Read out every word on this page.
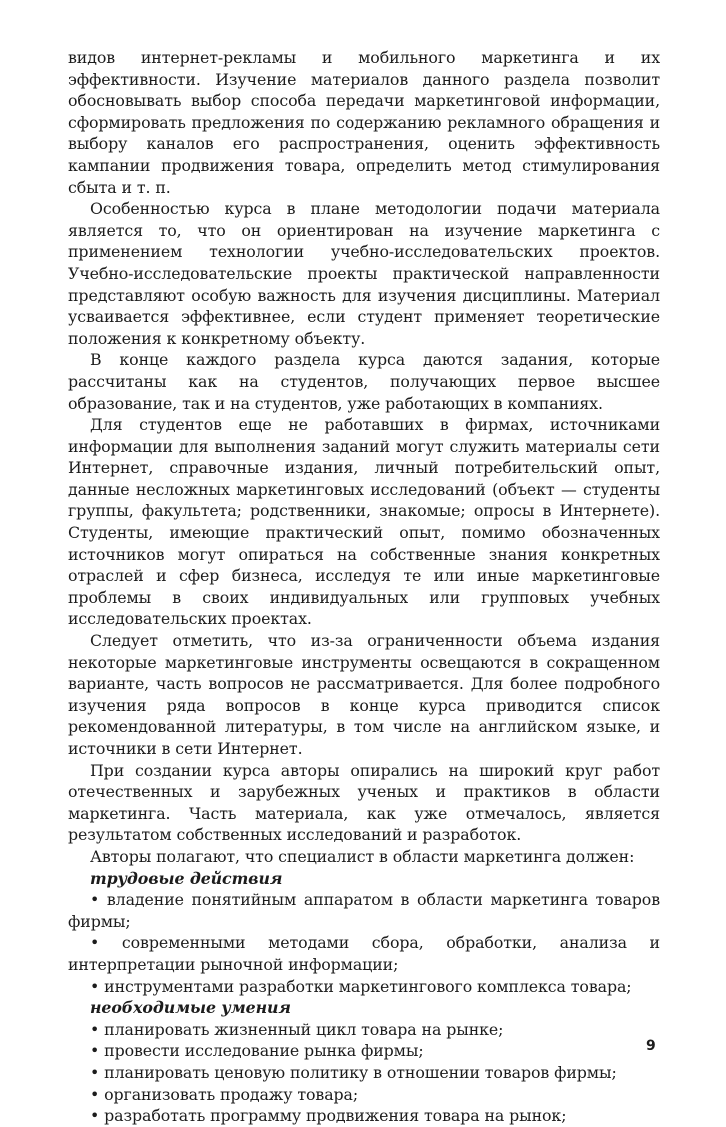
видов интернет-рекламы и мобильного маркетинга и их эффективности. Изучение материалов данного раздела позволит обосновывать выбор способа передачи маркетинговой информации, сформировать предложения по содержанию рекламного обращения и выбору каналов его распространения, оценить эффективность кампании продвижения товара, определить метод стимулирования сбыта и т. п.

Особенностью курса в плане методологии подачи материала является то, что он ориентирован на изучение маркетинга с применением технологии учебно-исследовательских проектов. Учебно-исследовательские проекты практической направленности представляют особую важность для изучения дисциплины. Материал усваивается эффективнее, если студент применяет теоретические положения к конкретному объекту.

В конце каждого раздела курса даются задания, которые рассчитаны как на студентов, получающих первое высшее образование, так и на студентов, уже работающих в компаниях.

Для студентов еще не работавших в фирмах, источниками информации для выполнения заданий могут служить материалы сети Интернет, справочные издания, личный потребительский опыт, данные несложных маркетинговых исследований (объект — студенты группы, факультета; родственники, знакомые; опросы в Интернете). Студенты, имеющие практический опыт, помимо обозначенных источников могут опираться на собственные знания конкретных отраслей и сфер бизнеса, исследуя те или иные маркетинговые проблемы в своих индивидуальных или групповых учебных исследовательских проектах.

Следует отметить, что из-за ограниченности объема издания некоторые маркетинговые инструменты освещаются в сокращенном варианте, часть вопросов не рассматривается. Для более подробного изучения ряда вопросов в конце курса приводится список рекомендованной литературы, в том числе на английском языке, и источники в сети Интернет.

При создании курса авторы опирались на широкий круг работ отечественных и зарубежных ученых и практиков в области маркетинга. Часть материала, как уже отмечалось, является результатом собственных исследований и разработок.

Авторы полагают, что специалист в области маркетинга должен:

трудовые действия

• владение понятийным аппаратом в области маркетинга товаров фирмы;

• современными методами сбора, обработки, анализа и интерпретации рыночной информации;

• инструментами разработки маркетингового комплекса товара;

необходимые умения

• планировать жизненный цикл товара на рынке;

• провести исследование рынка фирмы;

• планировать ценовую политику в отношении товаров фирмы;

• организовать продажу товара;

• разработать программу продвижения товара на рынок;

9
